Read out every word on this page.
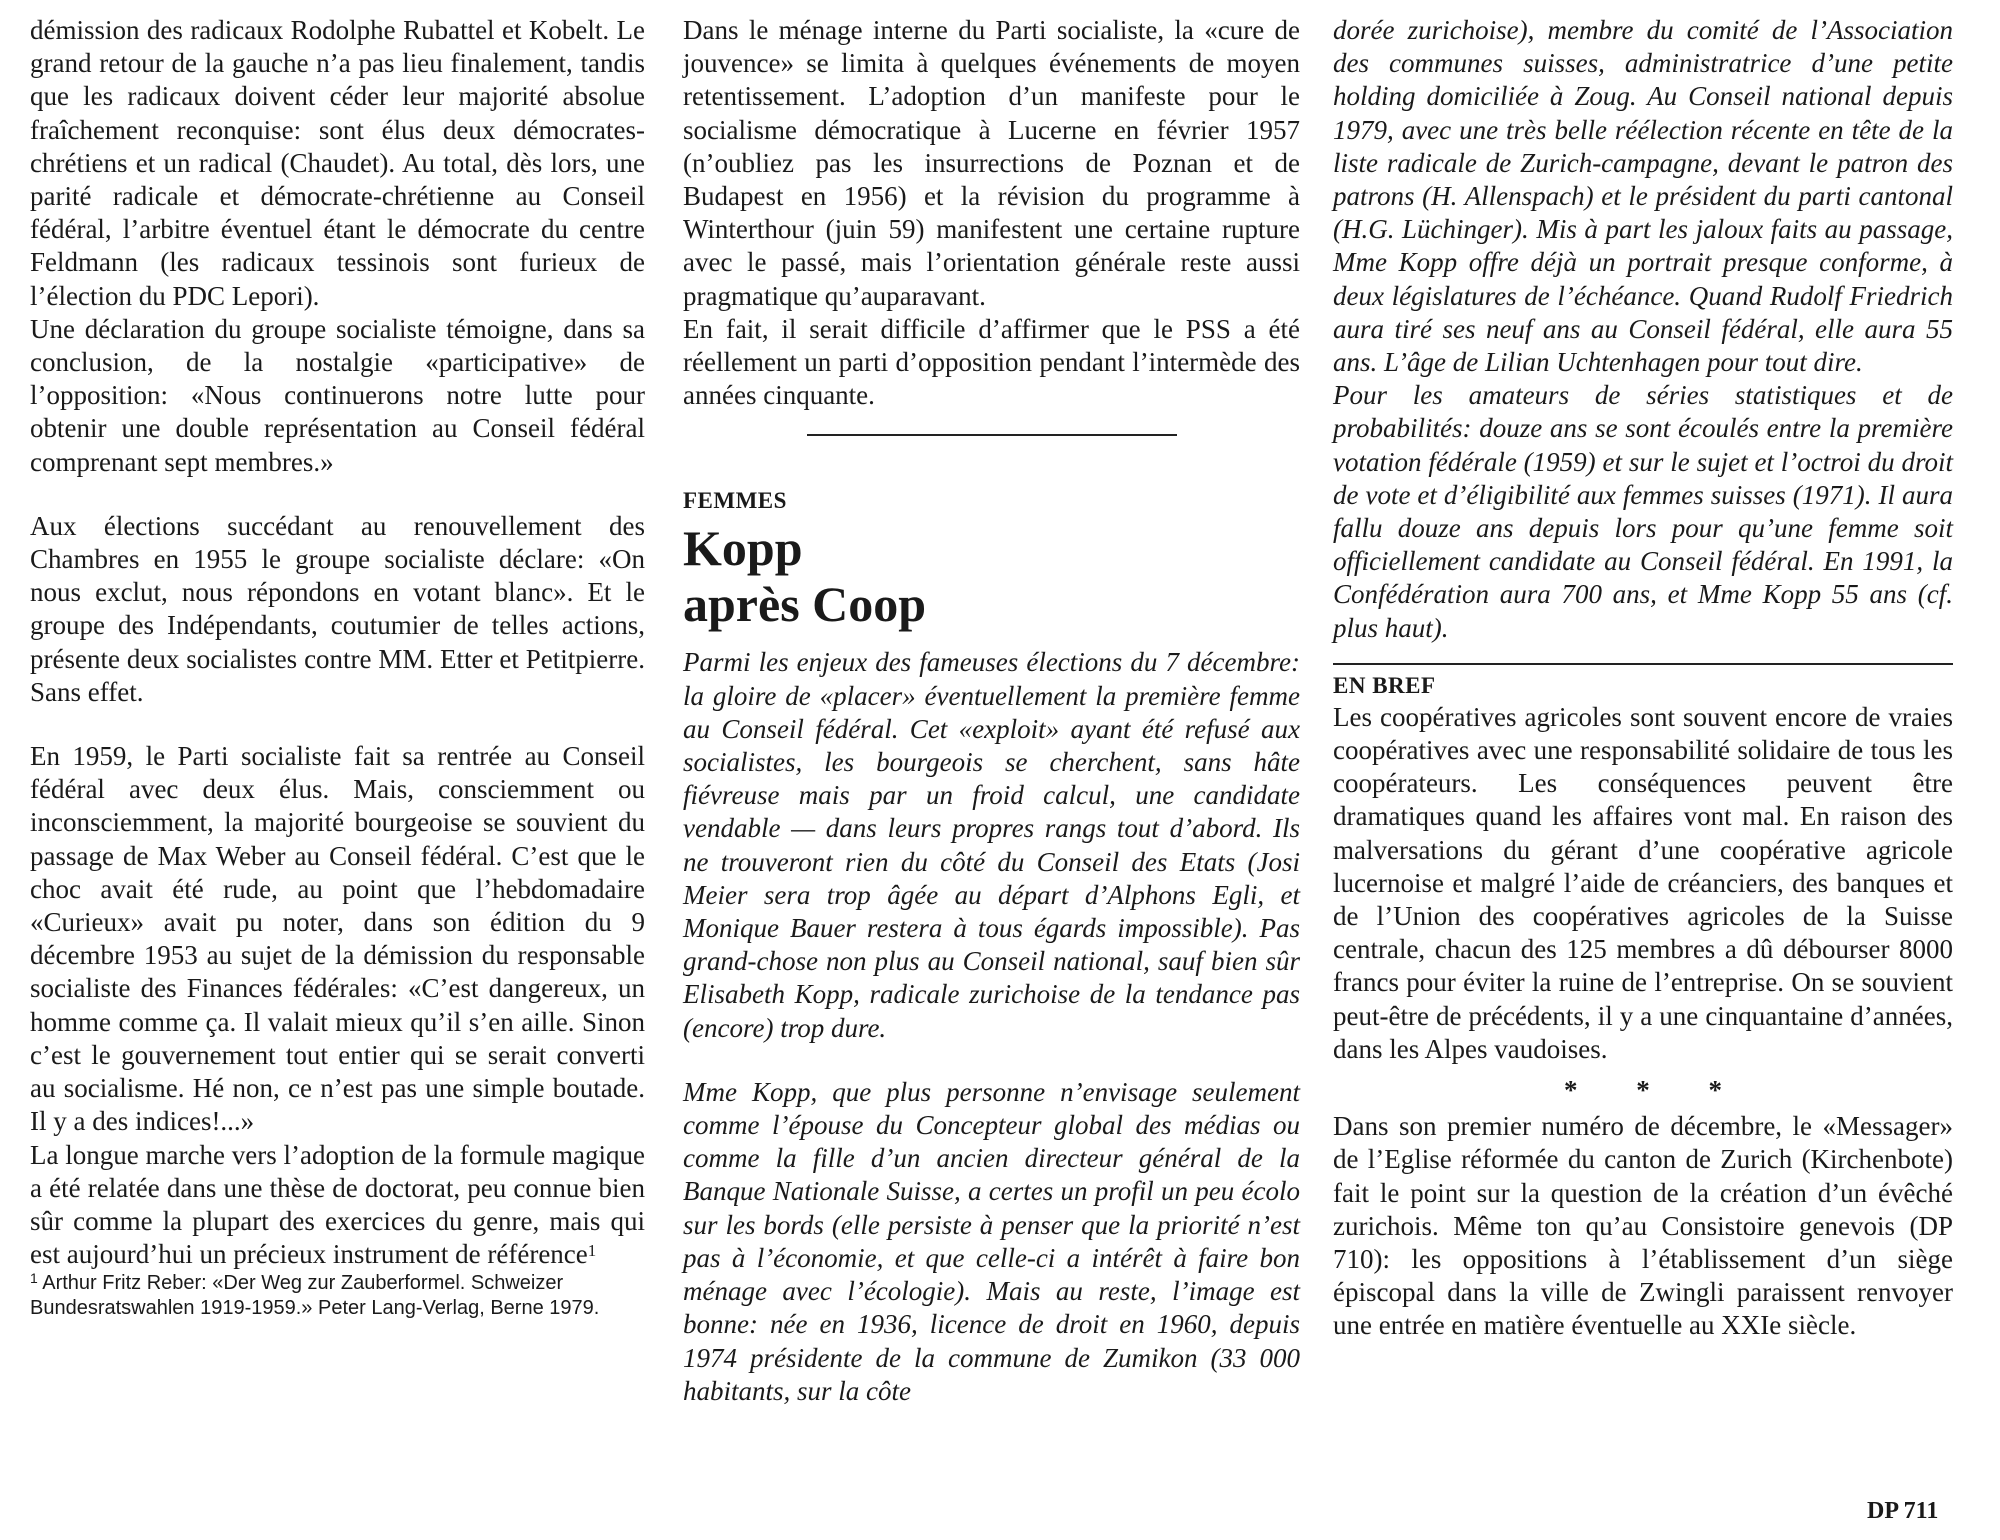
démission des radicaux Rodolphe Rubattel et Kobelt. Le grand retour de la gauche n’a pas lieu finalement, tandis que les radicaux doivent céder leur majorité absolue fraîchement reconquise: sont élus deux démocrates-chrétiens et un radical (Chaudet). Au total, dès lors, une parité radicale et démocrate-chrétienne au Conseil fédéral, l’arbitre éventuel étant le démocrate du centre Feldmann (les radicaux tessinois sont furieux de l’élection du PDC Lepori).

Une déclaration du groupe socialiste témoigne, dans sa conclusion, de la nostalgie «participative» de l’opposition: «Nous continuerons notre lutte pour obtenir une double représentation au Conseil fédéral comprenant sept membres.»

Aux élections succédant au renouvellement des Chambres en 1955 le groupe socialiste déclare: «On nous exclut, nous répondons en votant blanc». Et le groupe des Indépendants, coutumier de telles actions, présente deux socialistes contre MM. Etter et Petitpierre. Sans effet.

En 1959, le Parti socialiste fait sa rentrée au Conseil fédéral avec deux élus. Mais, consciemment ou inconsciemment, la majorité bourgeoise se souvient du passage de Max Weber au Conseil fédéral. C’est que le choc avait été rude, au point que l’hebdomadaire «Curieux» avait pu noter, dans son édition du 9 décembre 1953 au sujet de la démission du responsable socialiste des Finances fédérales: «C’est dangereux, un homme comme ça. Il valait mieux qu’il s’en aille. Sinon c’est le gouvernement tout entier qui se serait converti au socialisme. Hé non, ce n’est pas une simple boutade. Il y a des indices!...»

La longue marche vers l’adoption de la formule magique a été relatée dans une thèse de doctorat, peu connue bien sûr comme la plupart des exercices du genre, mais qui est aujourd’hui un précieux instrument de référence$^1$

$^1$ Arthur Fritz Reber: «Der Weg zur Zauberformel. Schweizer Bundesratswahlen 1919-1959.» Peter Lang-Verlag, Berne 1979.

Dans le ménage interne du Parti socialiste, la «cure de jouvence» se limita à quelques événements de moyen retentissement. L’adoption d’un manifeste pour le socialisme démocratique à Lucerne en février 1957 (n’oubliez pas les insurrections de Poznan et de Budapest en 1956) et la révision du programme à Winterthour (juin 59) manifestent une certaine rupture avec le passé, mais l’orientation générale reste aussi pragmatique qu’auparavant.

En fait, il serait difficile d’affirmer que le PSS a été réellement un parti d’opposition pendant l’intermède des années cinquante.

FEMMES
Kopp
après Coop

Parmi les enjeux des fameuses élections du 7 décembre: la gloire de «placer» éventuellement la première femme au Conseil fédéral. Cet «exploit» ayant été refusé aux socialistes, les bourgeois se cherchent, sans hâte fiévreuse mais par un froid calcul, une candidate vendable — dans leurs propres rangs tout d’abord. Ils ne trouveront rien du côté du Conseil des Etats (Josi Meier sera trop âgée au départ d’Alphons Egli, et Monique Bauer restera à tous égards impossible). Pas grand-chose non plus au Conseil national, sauf bien sûr Elisabeth Kopp, radicale zurichoise de la tendance pas (encore) trop dure.

Mme Kopp, que plus personne n’envisage seulement comme l’épouse du Concepteur global des médias ou comme la fille d’un ancien directeur général de la Banque Nationale Suisse, a certes un profil un peu écolo sur les bords (elle persiste à penser que la priorité n’est pas à l’économie, et que celle-ci a intérêt à faire bon ménage avec l’écologie). Mais au reste, l’image est bonne: née en 1936, licence de droit en 1960, depuis 1974 présidente de la commune de Zumikon (33 000 habitants, sur la côte

dorée zurichoise), membre du comité de l’Association des communes suisses, administratrice d’une petite holding domiciliée à Zoug. Au Conseil national depuis 1979, avec une très belle réélection récente en tête de la liste radicale de Zurich-campagne, devant le patron des patrons (H. Allenspach) et le président du parti cantonal (H.G. Lüchinger). Mis à part les jaloux faits au passage, Mme Kopp offre déjà un portrait presque conforme, à deux législatures de l’échéance. Quand Rudolf Friedrich aura tiré ses neuf ans au Conseil fédéral, elle aura 55 ans. L’âge de Lilian Uchtenhagen pour tout dire.

Pour les amateurs de séries statistiques et de probabilités: douze ans se sont écoulés entre la première votation fédérale (1959) et sur le sujet et l’octroi du droit de vote et d’éligibilité aux femmes suisses (1971). Il aura fallu douze ans depuis lors pour qu’une femme soit officiellement candidate au Conseil fédéral. En 1991, la Confédération aura 700 ans, et Mme Kopp 55 ans (cf. plus haut).

EN BREF

Les coopératives agricoles sont souvent encore de vraies coopératives avec une responsabilité solidaire de tous les coopérateurs. Les conséquences peuvent être dramatiques quand les affaires vont mal. En raison des malversations du gérant d’une coopérative agricole lucernoise et malgré l’aide de créanciers, des banques et de l’Union des coopératives agricoles de la Suisse centrale, chacun des 125 membres a dû débourser 8000 francs pour éviter la ruine de l’entreprise. On se souvient peut-être de précédents, il y a une cinquantaine d’années, dans les Alpes vaudoises.

* * *

Dans son premier numéro de décembre, le «Messager» de l’Eglise réformée du canton de Zurich (Kirchenbote) fait le point sur la question de la création d’un évêché zurichois. Même ton qu’au Consistoire genevois (DP 710): les oppositions à l’établissement d’un siège épiscopal dans la ville de Zwingli paraissent renvoyer une entrée en matière éventuelle au XXIe siècle.

DP 711
